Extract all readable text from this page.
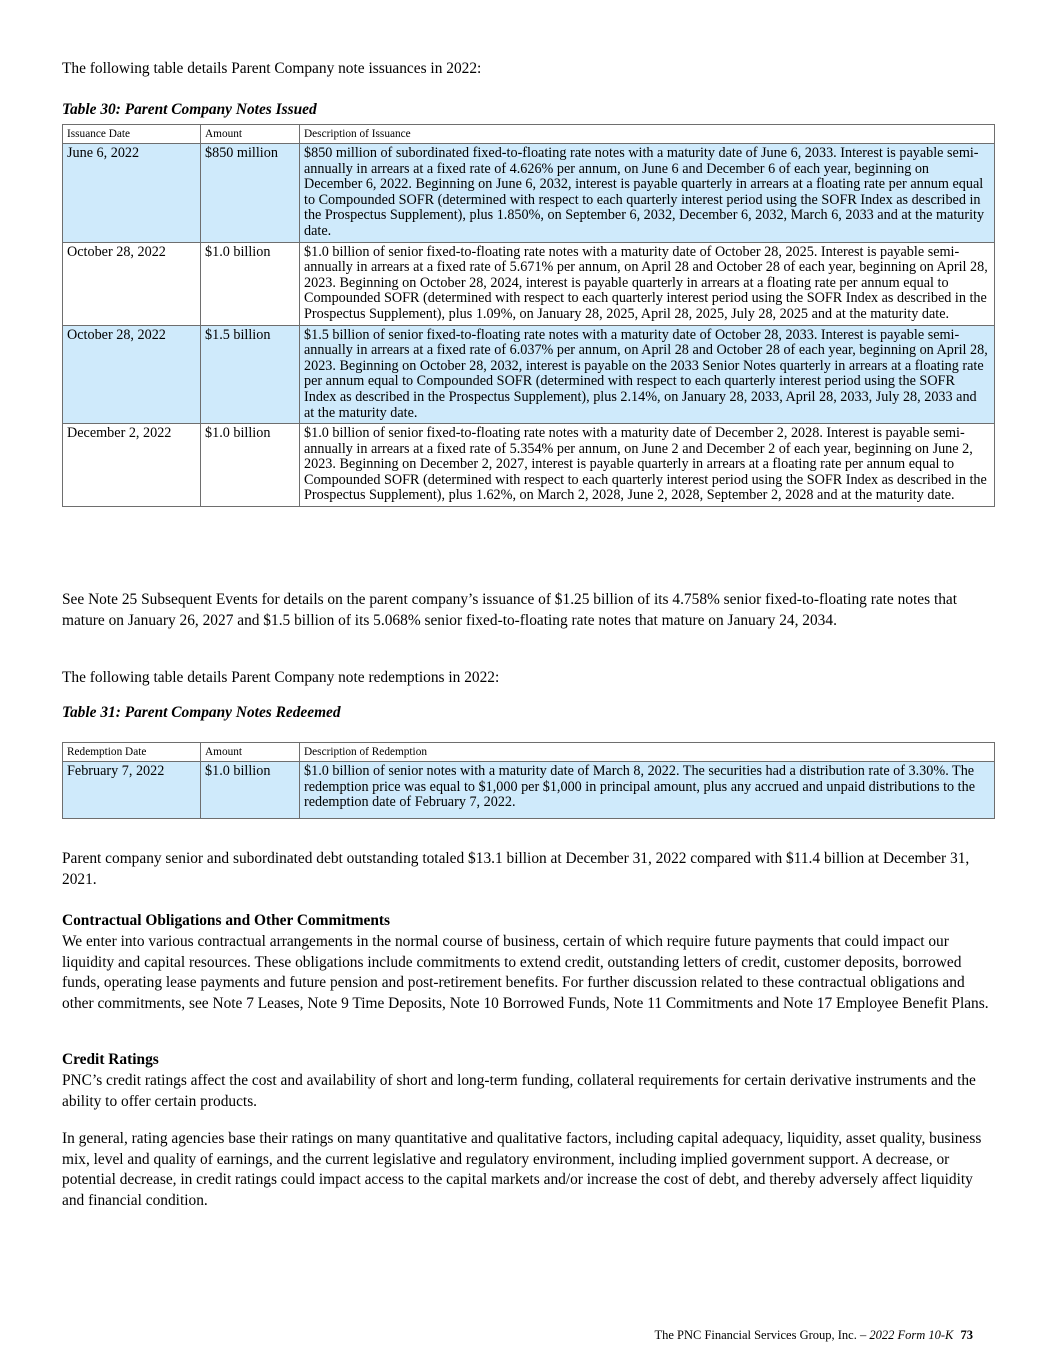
The following table details Parent Company note issuances in 2022:

Table 30: Parent Company Notes Issued

Issuance Date	Amount	Description of Issuance
June 6, 2022	$850 million	$850 million of subordinated fixed-to-floating rate notes with a maturity date of June 6, 2033. Interest is payable semi-annually in arrears at a fixed rate of 4.626% per annum, on June 6 and December 6 of each year, beginning on December 6, 2022. Beginning on June 6, 2032, interest is payable quarterly in arrears at a floating rate per annum equal to Compounded SOFR (determined with respect to each quarterly interest period using the SOFR Index as described in the Prospectus Supplement), plus 1.850%, on September 6, 2032, December 6, 2032, March 6, 2033 and at the maturity date.
October 28, 2022	$1.0 billion	$1.0 billion of senior fixed-to-floating rate notes with a maturity date of October 28, 2025. Interest is payable semi-annually in arrears at a fixed rate of 5.671% per annum, on April 28 and October 28 of each year, beginning on April 28, 2023. Beginning on October 28, 2024, interest is payable quarterly in arrears at a floating rate per annum equal to Compounded SOFR (determined with respect to each quarterly interest period using the SOFR Index as described in the Prospectus Supplement), plus 1.09%, on January 28, 2025, April 28, 2025, July 28, 2025 and at the maturity date.
October 28, 2022	$1.5 billion	$1.5 billion of senior fixed-to-floating rate notes with a maturity date of October 28, 2033. Interest is payable semi-annually in arrears at a fixed rate of 6.037% per annum, on April 28 and October 28 of each year, beginning on April 28, 2023. Beginning on October 28, 2032, interest is payable on the 2033 Senior Notes quarterly in arrears at a floating rate per annum equal to Compounded SOFR (determined with respect to each quarterly interest period using the SOFR Index as described in the Prospectus Supplement), plus 2.14%, on January 28, 2033, April 28, 2033, July 28, 2033 and at the maturity date.
December 2, 2022	$1.0 billion	$1.0 billion of senior fixed-to-floating rate notes with a maturity date of December 2, 2028. Interest is payable semi-annually in arrears at a fixed rate of 5.354% per annum, on June 2 and December 2 of each year, beginning on June 2, 2023. Beginning on December 2, 2027, interest is payable quarterly in arrears at a floating rate per annum equal to Compounded SOFR (determined with respect to each quarterly interest period using the SOFR Index as described in the Prospectus Supplement), plus 1.62%, on March 2, 2028, June 2, 2028, September 2, 2028 and at the maturity date.

See Note 25 Subsequent Events for details on the parent company’s issuance of $1.25 billion of its 4.758% senior fixed-to-floating rate notes that mature on January 26, 2027 and $1.5 billion of its 5.068% senior fixed-to-floating rate notes that mature on January 24, 2034.

The following table details Parent Company note redemptions in 2022:

Table 31: Parent Company Notes Redeemed

Redemption Date	Amount	Description of Redemption
February 7, 2022	$1.0 billion	$1.0 billion of senior notes with a maturity date of March 8, 2022. The securities had a distribution rate of 3.30%. The redemption price was equal to $1,000 per $1,000 in principal amount, plus any accrued and unpaid distributions to the redemption date of February 7, 2022.

Parent company senior and subordinated debt outstanding totaled $13.1 billion at December 31, 2022 compared with $11.4 billion at December 31, 2021.

Contractual Obligations and Other Commitments

We enter into various contractual arrangements in the normal course of business, certain of which require future payments that could impact our liquidity and capital resources. These obligations include commitments to extend credit, outstanding letters of credit, customer deposits, borrowed funds, operating lease payments and future pension and post-retirement benefits. For further discussion related to these contractual obligations and other commitments, see Note 7 Leases, Note 9 Time Deposits, Note 10 Borrowed Funds, Note 11 Commitments and Note 17 Employee Benefit Plans.

Credit Ratings

PNC’s credit ratings affect the cost and availability of short and long-term funding, collateral requirements for certain derivative instruments and the ability to offer certain products.

In general, rating agencies base their ratings on many quantitative and qualitative factors, including capital adequacy, liquidity, asset quality, business mix, level and quality of earnings, and the current legislative and regulatory environment, including implied government support. A decrease, or potential decrease, in credit ratings could impact access to the capital markets and/or increase the cost of debt, and thereby adversely affect liquidity and financial condition.

The PNC Financial Services Group, Inc. – 2022 Form 10-K 73
